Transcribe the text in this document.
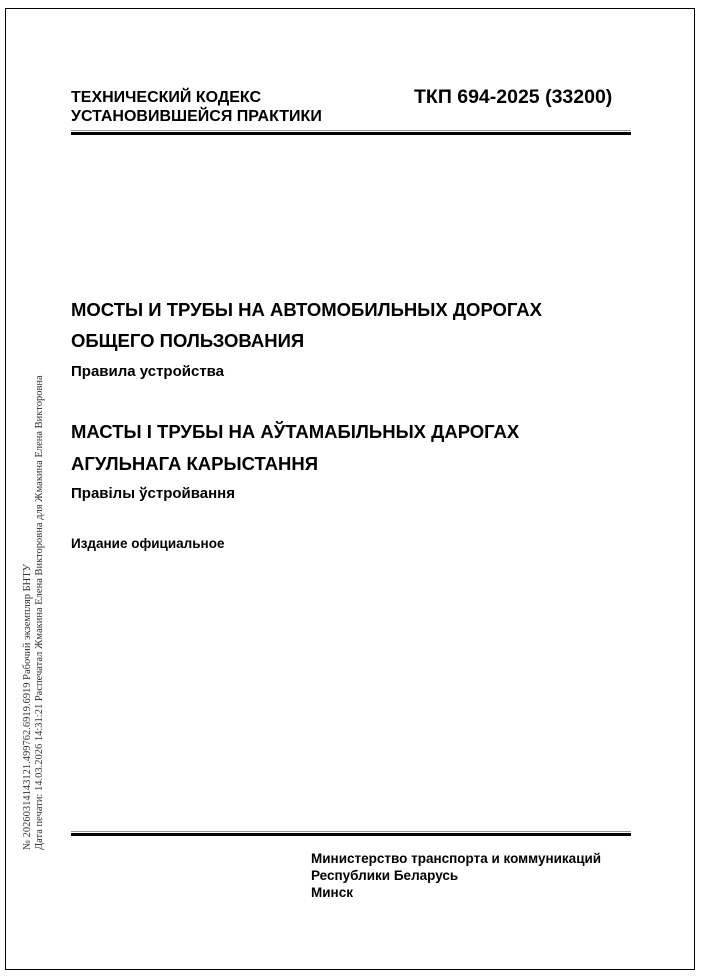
ТЕХНИЧЕСКИЙ КОДЕКС
УСТАНОВИВШЕЙСЯ ПРАКТИКИ
ТКП 694-2025 (33200)
МОСТЫ И ТРУБЫ НА АВТОМОБИЛЬНЫХ ДОРОГАХ
ОБЩЕГО ПОЛЬЗОВАНИЯ
Правила устройства
МАСТЫ І ТРУБЫ НА АЎТАМАБІЛЬНЫХ ДАРОГАХ
АГУЛЬНАГА КАРЫСТАННЯ
Правілы ўстройвання
Издание официальное
№ 20260314143121.499762.6919.6919 Рабочий экземпляр БНТУ Дата печати: 14.03.2026 14:31:21 Распечатал Жмакина Елена Викторовна для Жмакина Елена Викторовна
Министерство транспорта и коммуникаций
Республики Беларусь
Минск
